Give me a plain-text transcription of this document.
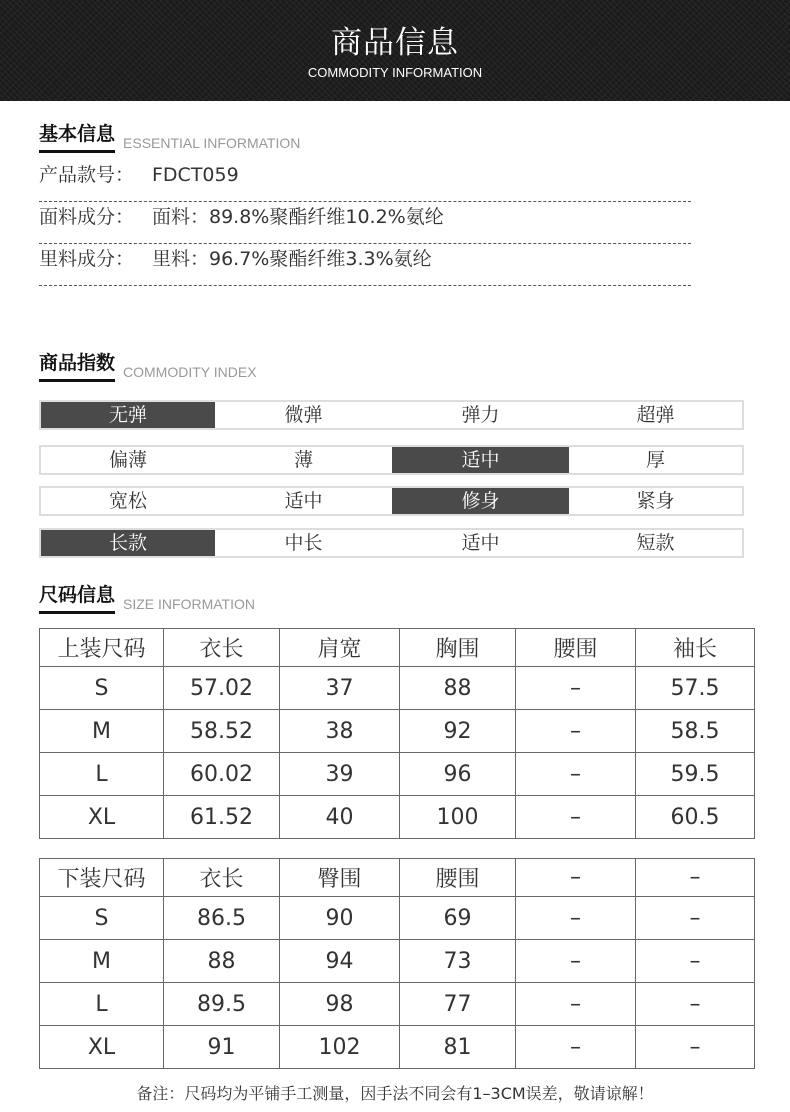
商品信息
COMMODITY INFORMATION
基本信息 ESSENTIAL INFORMATION
产品款号： FDCT059
面料成分： 面料：89.8%聚酯纤维10.2%氨纶
里料成分： 里料：96.7%聚酯纤维3.3%氨纶
商品指数 COMMODITY INDEX
无弹	微弹	弹力	超弹
偏薄	薄	适中	厚
宽松	适中	修身	紧身
长款	中长	适中	短款
尺码信息 SIZE INFORMATION
上装尺码	衣长	肩宽	胸围	腰围	袖长
S	57.02	37	88	–	57.5
M	58.52	38	92	–	58.5
L	60.02	39	96	–	59.5
XL	61.52	40	100	–	60.5
下装尺码	衣长	臀围	腰围	–	–
S	86.5	90	69	–	–
M	88	94	73	–	–
L	89.5	98	77	–	–
XL	91	102	81	–	–
备注：尺码均为平铺手工测量，因手法不同会有1–3CM误差，敬请谅解！
